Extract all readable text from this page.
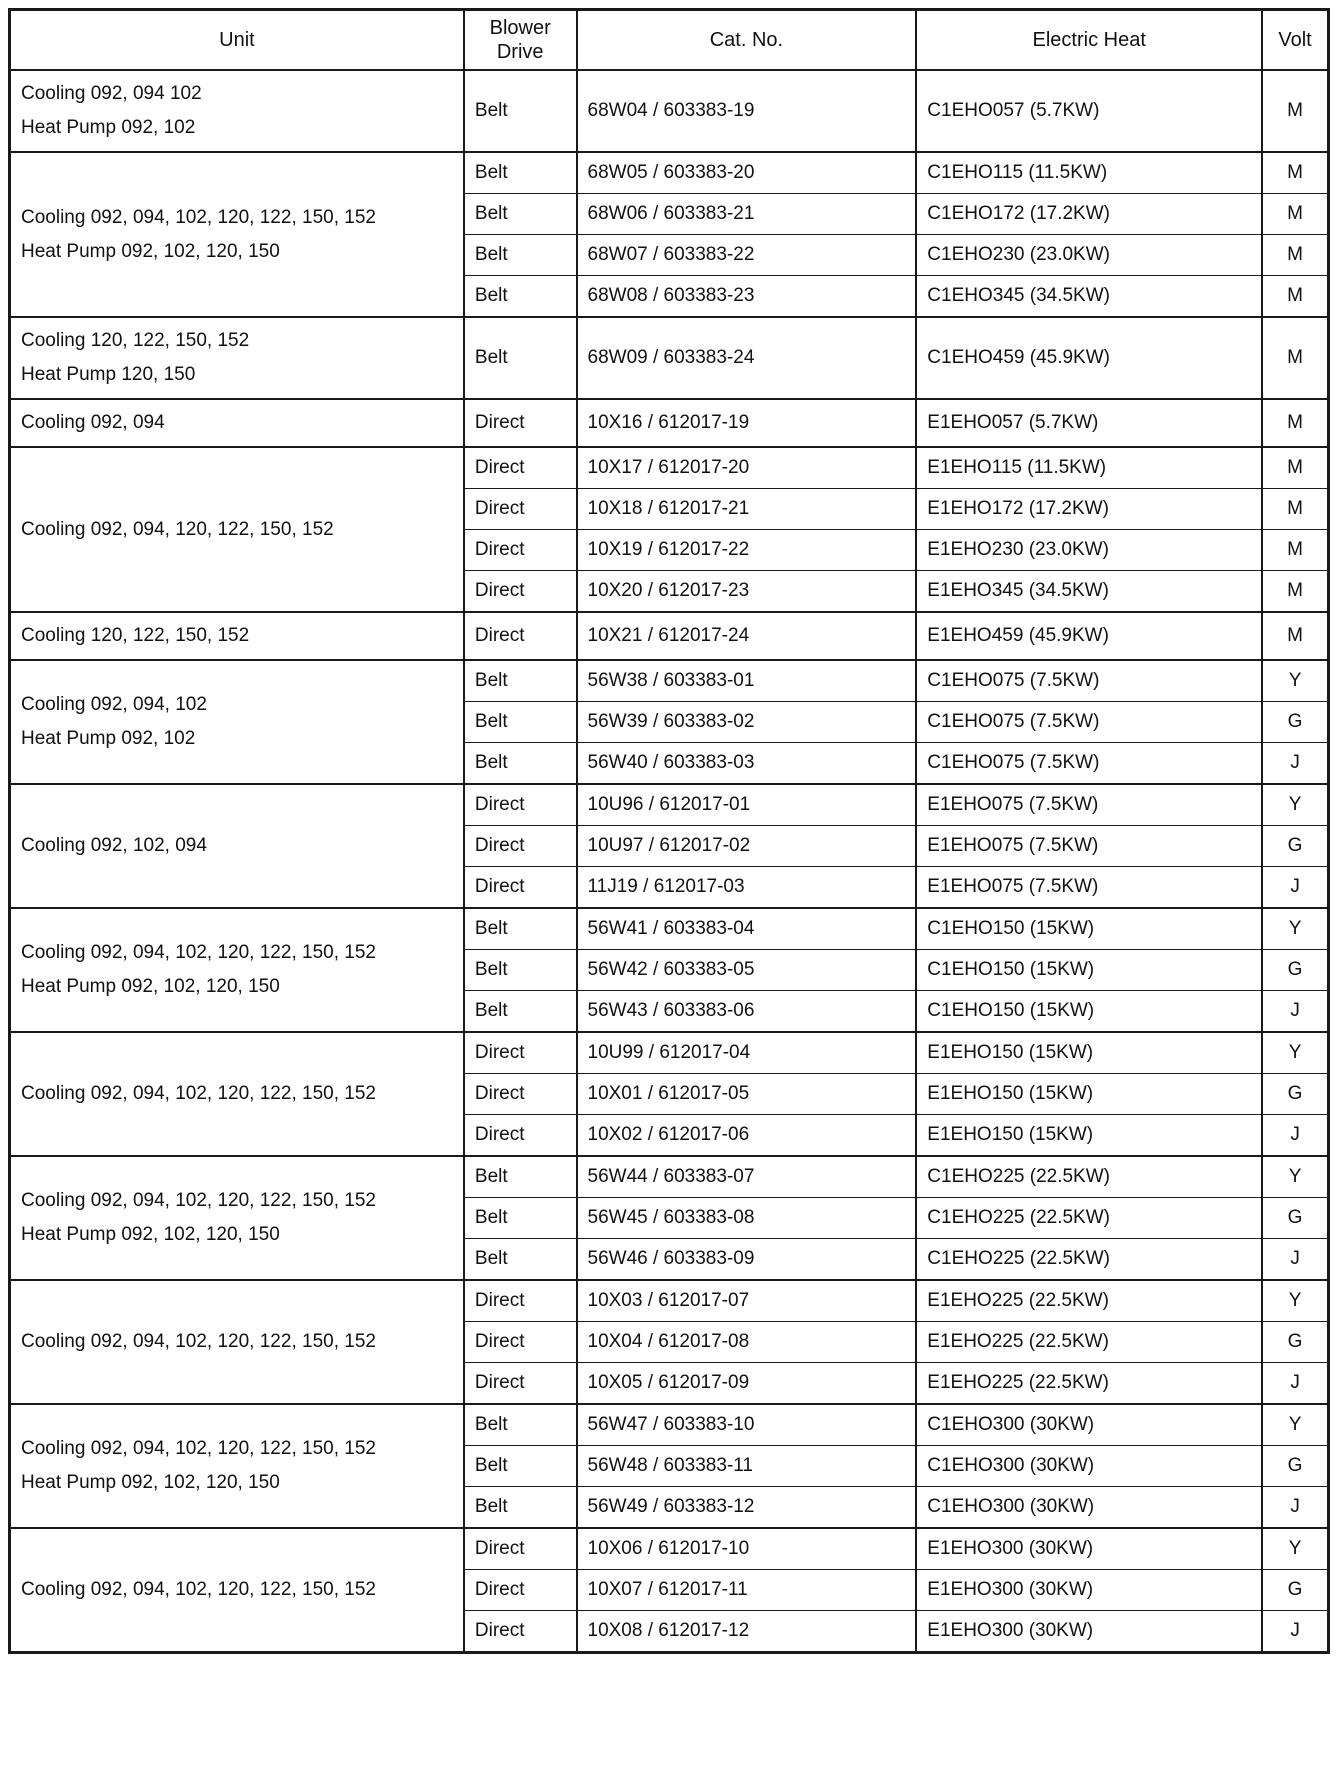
Unit	Blower Drive	Cat. No.	Electric Heat	Volt

Cooling 092, 094 102
Heat Pump 092, 102	Belt	68W04 / 603383-19	C1EHO057 (5.7KW)	M

Cooling 092, 094, 102, 120, 122, 150, 152
Heat Pump 092, 102, 120, 150	Belt	68W05 / 603383-20	C1EHO115 (11.5KW)	M
	Belt	68W06 / 603383-21	C1EHO172 (17.2KW)	M
	Belt	68W07 / 603383-22	C1EHO230 (23.0KW)	M
	Belt	68W08 / 603383-23	C1EHO345 (34.5KW)	M

Cooling 120, 122, 150, 152
Heat Pump 120, 150	Belt	68W09 / 603383-24	C1EHO459 (45.9KW)	M

Cooling 092, 094	Direct	10X16 / 612017-19	E1EHO057 (5.7KW)	M

Cooling 092, 094, 120, 122, 150, 152	Direct	10X17 / 612017-20	E1EHO115 (11.5KW)	M
	Direct	10X18 / 612017-21	E1EHO172 (17.2KW)	M
	Direct	10X19 / 612017-22	E1EHO230 (23.0KW)	M
	Direct	10X20 / 612017-23	E1EHO345 (34.5KW)	M

Cooling 120, 122, 150, 152	Direct	10X21 / 612017-24	E1EHO459 (45.9KW)	M

Cooling 092, 094, 102
Heat Pump 092, 102	Belt	56W38 / 603383-01	C1EHO075 (7.5KW)	Y
	Belt	56W39 / 603383-02	C1EHO075 (7.5KW)	G
	Belt	56W40 / 603383-03	C1EHO075 (7.5KW)	J

Cooling 092, 102, 094	Direct	10U96 / 612017-01	E1EHO075 (7.5KW)	Y
	Direct	10U97 / 612017-02	E1EHO075 (7.5KW)	G
	Direct	11J19 / 612017-03	E1EHO075 (7.5KW)	J

Cooling 092, 094, 102, 120, 122, 150, 152
Heat Pump 092, 102, 120, 150	Belt	56W41 / 603383-04	C1EHO150 (15KW)	Y
	Belt	56W42 / 603383-05	C1EHO150 (15KW)	G
	Belt	56W43 / 603383-06	C1EHO150 (15KW)	J

Cooling 092, 094, 102, 120, 122, 150, 152	Direct	10U99 / 612017-04	E1EHO150 (15KW)	Y
	Direct	10X01 / 612017-05	E1EHO150 (15KW)	G
	Direct	10X02 / 612017-06	E1EHO150 (15KW)	J

Cooling 092, 094, 102, 120, 122, 150, 152
Heat Pump 092, 102, 120, 150	Belt	56W44 / 603383-07	C1EHO225 (22.5KW)	Y
	Belt	56W45 / 603383-08	C1EHO225 (22.5KW)	G
	Belt	56W46 / 603383-09	C1EHO225 (22.5KW)	J

Cooling 092, 094, 102, 120, 122, 150, 152	Direct	10X03 / 612017-07	E1EHO225 (22.5KW)	Y
	Direct	10X04 / 612017-08	E1EHO225 (22.5KW)	G
	Direct	10X05 / 612017-09	E1EHO225 (22.5KW)	J

Cooling 092, 094, 102, 120, 122, 150, 152
Heat Pump 092, 102, 120, 150	Belt	56W47 / 603383-10	C1EHO300 (30KW)	Y
	Belt	56W48 / 603383-11	C1EHO300 (30KW)	G
	Belt	56W49 / 603383-12	C1EHO300 (30KW)	J

Cooling 092, 094, 102, 120, 122, 150, 152	Direct	10X06 / 612017-10	E1EHO300 (30KW)	Y
	Direct	10X07 / 612017-11	E1EHO300 (30KW)	G
	Direct	10X08 / 612017-12	E1EHO300 (30KW)	J
